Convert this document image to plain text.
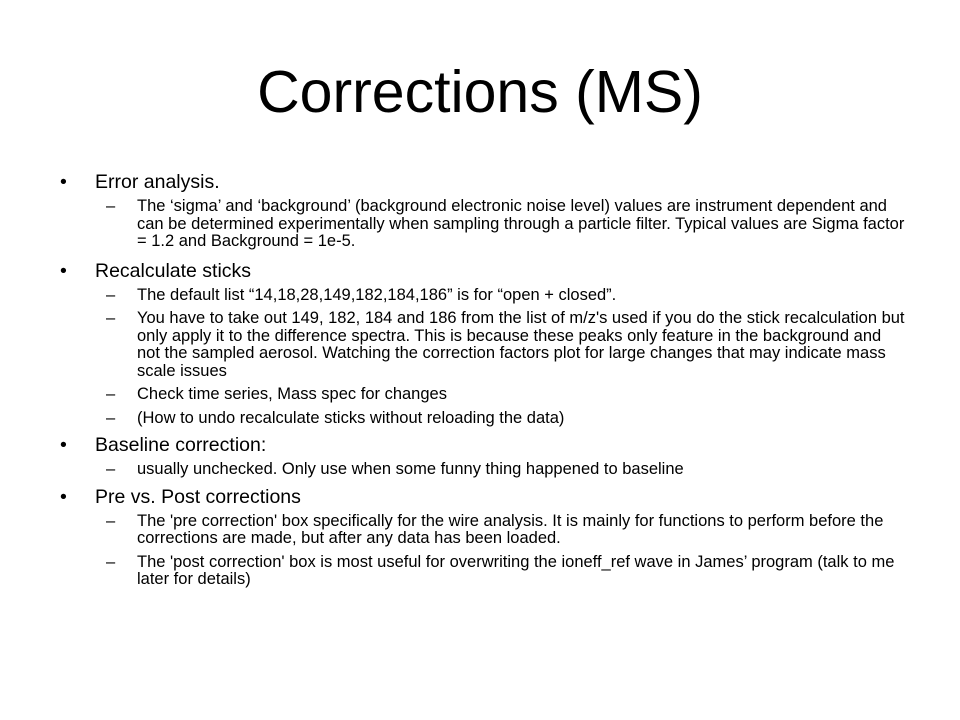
Corrections (MS)

• Error analysis.

– The ‘sigma’ and ‘background’ (background electronic noise level) values are instrument dependent and can be determined experimentally when sampling through a particle filter. Typical values are Sigma factor = 1.2 and Background = 1e-5.

• Recalculate sticks

– The default list “14,18,28,149,182,184,186” is for “open + closed”.
– You have to take out 149, 182, 184 and 186 from the list of m/z's used if you do the stick recalculation but only apply it to the difference spectra. This is because these peaks only feature in the background and not the sampled aerosol. Watching the correction factors plot for large changes that may indicate mass scale issues
– Check time series, Mass spec for changes
– (How to undo recalculate sticks without reloading the data)

• Baseline correction:

– usually unchecked. Only use when some funny thing happened to baseline

• Pre vs. Post corrections

– The 'pre correction' box specifically for the wire analysis. It is mainly for functions to perform before the corrections are made, but after any data has been loaded.
– The 'post correction' box is most useful for overwriting the ioneff_ref wave in James’ program (talk to me later for details)
